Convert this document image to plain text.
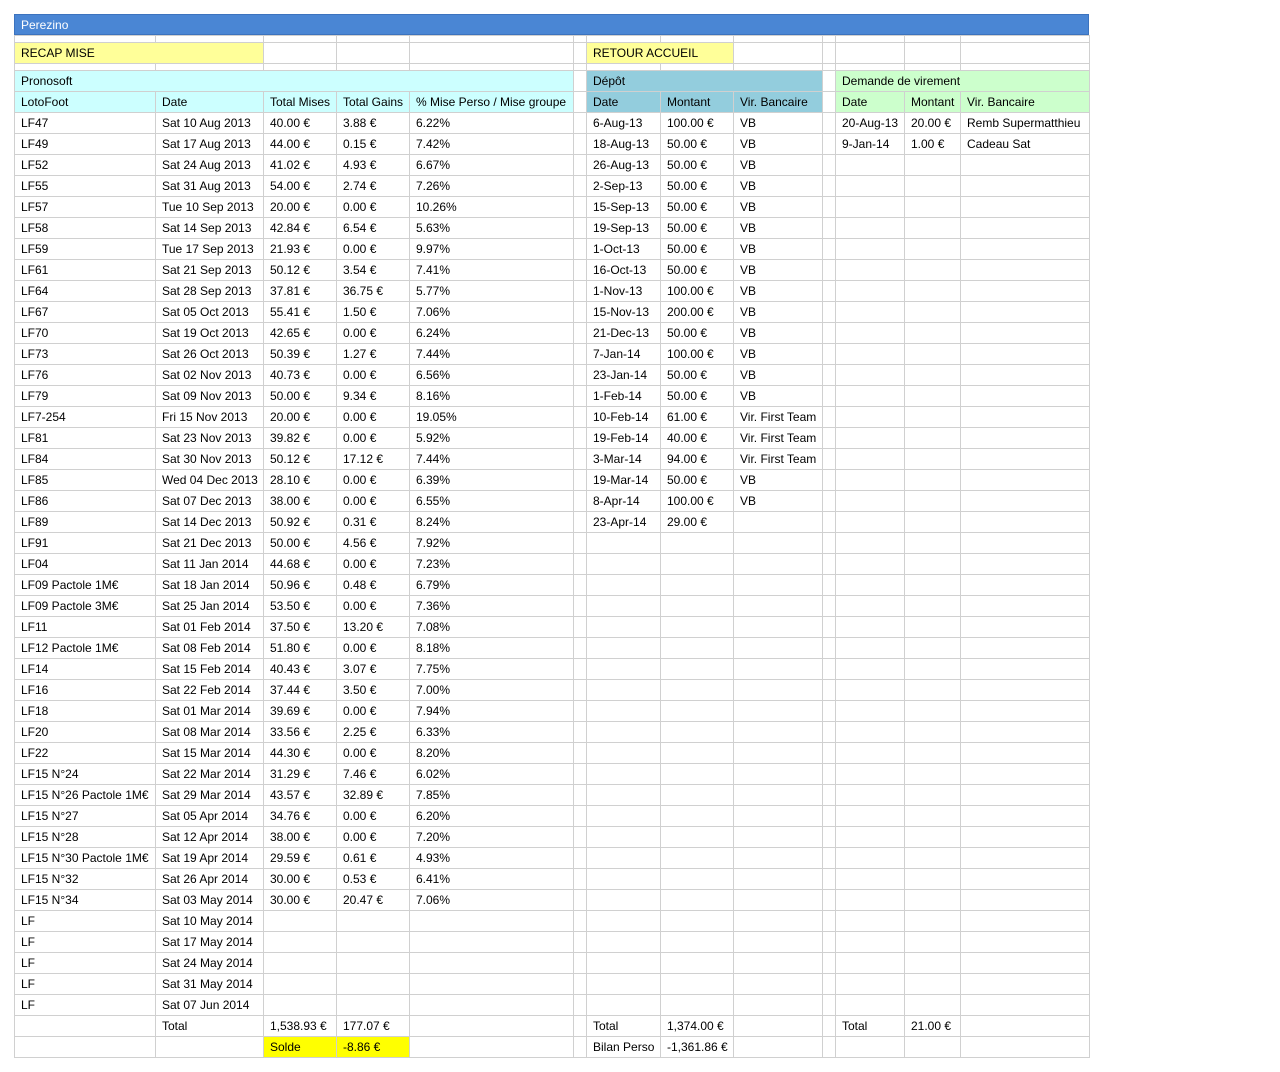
Perezino

RECAP MISE						RETOUR ACCUEIL						

Pronosoft						Dépôt				Demande de virement		
LotoFoot	Date	Total Mises	Total Gains	% Mise Perso / Mise groupe		Date	Montant	Vir. Bancaire		Date	Montant	Vir. Bancaire
LF47	Sat 10 Aug 2013	40.00 €	3.88 €	6.22%		6-Aug-13	100.00 €	VB		20-Aug-13	20.00 €	Remb Supermatthieu
LF49	Sat 17 Aug 2013	44.00 €	0.15 €	7.42%		18-Aug-13	50.00 €	VB		9-Jan-14	1.00 €	Cadeau Sat
LF52	Sat 24 Aug 2013	41.02 €	4.93 €	6.67%		26-Aug-13	50.00 €	VB				
LF55	Sat 31 Aug 2013	54.00 €	2.74 €	7.26%		2-Sep-13	50.00 €	VB				
LF57	Tue 10 Sep 2013	20.00 €	0.00 €	10.26%		15-Sep-13	50.00 €	VB				
LF58	Sat 14 Sep 2013	42.84 €	6.54 €	5.63%		19-Sep-13	50.00 €	VB				
LF59	Tue 17 Sep 2013	21.93 €	0.00 €	9.97%		1-Oct-13	50.00 €	VB				
LF61	Sat 21 Sep 2013	50.12 €	3.54 €	7.41%		16-Oct-13	50.00 €	VB				
LF64	Sat 28 Sep 2013	37.81 €	36.75 €	5.77%		1-Nov-13	100.00 €	VB				
LF67	Sat 05 Oct 2013	55.41 €	1.50 €	7.06%		15-Nov-13	200.00 €	VB				
LF70	Sat 19 Oct 2013	42.65 €	0.00 €	6.24%		21-Dec-13	50.00 €	VB				
LF73	Sat 26 Oct 2013	50.39 €	1.27 €	7.44%		7-Jan-14	100.00 €	VB				
LF76	Sat 02 Nov 2013	40.73 €	0.00 €	6.56%		23-Jan-14	50.00 €	VB				
LF79	Sat 09 Nov 2013	50.00 €	9.34 €	8.16%		1-Feb-14	50.00 €	VB				
LF7-254	Fri 15 Nov 2013	20.00 €	0.00 €	19.05%		10-Feb-14	61.00 €	Vir. First Team				
LF81	Sat 23 Nov 2013	39.82 €	0.00 €	5.92%		19-Feb-14	40.00 €	Vir. First Team				
LF84	Sat 30 Nov 2013	50.12 €	17.12 €	7.44%		3-Mar-14	94.00 €	Vir. First Team				
LF85	Wed 04 Dec 2013	28.10 €	0.00 €	6.39%		19-Mar-14	50.00 €	VB				
LF86	Sat 07 Dec 2013	38.00 €	0.00 €	6.55%		8-Apr-14	100.00 €	VB				
LF89	Sat 14 Dec 2013	50.92 €	0.31 €	8.24%		23-Apr-14	29.00 €					
LF91	Sat 21 Dec 2013	50.00 €	4.56 €	7.92%								
LF04	Sat 11 Jan 2014	44.68 €	0.00 €	7.23%								
LF09 Pactole 1M€	Sat 18 Jan 2014	50.96 €	0.48 €	6.79%								
LF09 Pactole 3M€	Sat 25 Jan 2014	53.50 €	0.00 €	7.36%								
LF11	Sat 01 Feb 2014	37.50 €	13.20 €	7.08%								
LF12 Pactole 1M€	Sat 08 Feb 2014	51.80 €	0.00 €	8.18%								
LF14	Sat 15 Feb 2014	40.43 €	3.07 €	7.75%								
LF16	Sat 22 Feb 2014	37.44 €	3.50 €	7.00%								
LF18	Sat 01 Mar 2014	39.69 €	0.00 €	7.94%								
LF20	Sat 08 Mar 2014	33.56 €	2.25 €	6.33%								
LF22	Sat 15 Mar 2014	44.30 €	0.00 €	8.20%								
LF15 N°24	Sat 22 Mar 2014	31.29 €	7.46 €	6.02%								
LF15 N°26 Pactole 1M€	Sat 29 Mar 2014	43.57 €	32.89 €	7.85%								
LF15 N°27	Sat 05 Apr 2014	34.76 €	0.00 €	6.20%								
LF15 N°28	Sat 12 Apr 2014	38.00 €	0.00 €	7.20%								
LF15 N°30 Pactole 1M€	Sat 19 Apr 2014	29.59 €	0.61 €	4.93%								
LF15 N°32	Sat 26 Apr 2014	30.00 €	0.53 €	6.41%								
LF15 N°34	Sat 03 May 2014	30.00 €	20.47 €	7.06%								
LF	Sat 10 May 2014											
LF	Sat 17 May 2014											
LF	Sat 24 May 2014											
LF	Sat 31 May 2014											
LF	Sat 07 Jun 2014											
	Total	1,538.93 €	177.07 €			Total	1,374.00 €			Total	21.00 €	
		Solde	-8.86 €			Bilan Perso	-1,361.86 €					
